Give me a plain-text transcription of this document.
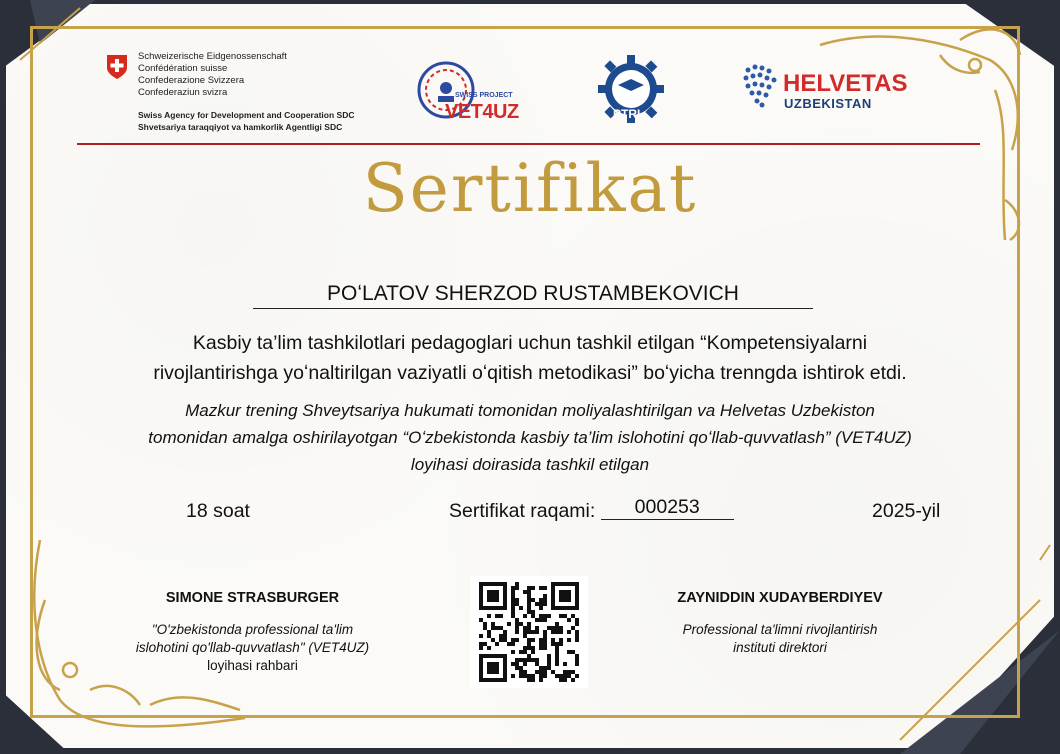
Schweizerische Eidgenossenschaft
Confédération suisse
Confederazione Svizzera
Confederaziun svizra
Swiss Agency for Development and Cooperation SDC
Shvetsariya taraqqiyot va hamkorlik Agentligi SDC
SWISS PROJECT
VET4UZ	PTRI
HELVETAS
UZBEKISTAN
Sertifikat
POʻLATOV SHERZOD RUSTAMBEKOVICH
Kasbiy ta’lim tashkilotlari pedagoglari uchun tashkil etilgan “Kompetensiyalarni
rivojlantirishga yoʻnaltirilgan vaziyatli oʻqitish metodikasi” boʻyicha trenngda ishtirok etdi.
Mazkur trening Shveytsariya hukumati tomonidan moliyalashtirilgan va Helvetas Uzbekiston
tomonidan amalga oshirilayotgan “Oʻzbekistonda kasbiy ta’lim islohotini qoʻllab-quvvatlash” (VET4UZ)
loyihasi doirasida tashkil etilgan
18 soat	Sertifikat raqami: 000253	2025-yil
SIMONE STRASBURGER
"O'zbekistonda professional ta'lim
islohotini qo'llab-quvvatlash" (VET4UZ)
loyihasi rahbari
ZAYNIDDIN XUDAYBERDIYEV
Professional ta'limni rivojlantirish
instituti direktori
